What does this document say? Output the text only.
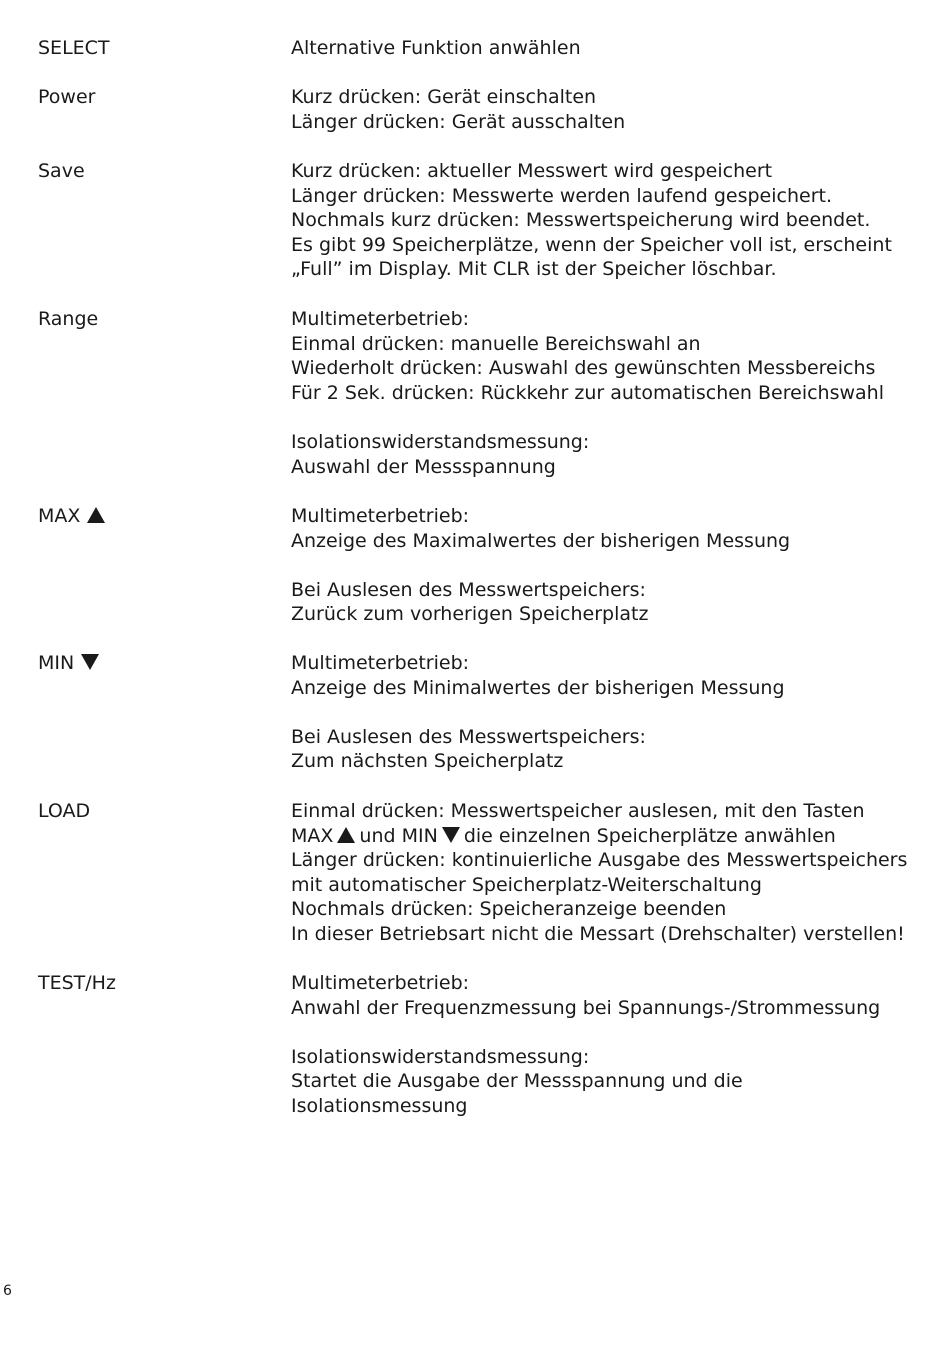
SELECT	Alternative Funktion anwählen
Power	Kurz drücken: Gerät einschalten
Länger drücken: Gerät ausschalten
Save	Kurz drücken: aktueller Messwert wird gespeichert
Länger drücken: Messwerte werden laufend gespeichert.
Nochmals kurz drücken: Messwertspeicherung wird beendet.
Es gibt 99 Speicherplätze, wenn der Speicher voll ist, erscheint
„Full” im Display. Mit CLR ist der Speicher löschbar.
Range	Multimeterbetrieb:
Einmal drücken: manuelle Bereichswahl an
Wiederholt drücken: Auswahl des gewünschten Messbereichs
Für 2 Sek. drücken: Rückkehr zur automatischen Bereichswahl
Isolationswiderstandsmessung:
Auswahl der Messspannung
MAX	Multimeterbetrieb:
Anzeige des Maximalwertes der bisherigen Messung
Bei Auslesen des Messwertspeichers:
Zurück zum vorherigen Speicherplatz
MIN	Multimeterbetrieb:
Anzeige des Minimalwertes der bisherigen Messung
Bei Auslesen des Messwertspeichers:
Zum nächsten Speicherplatz
LOAD	Einmal drücken: Messwertspeicher auslesen, mit den Tasten
MAX und MIN die einzelnen Speicherplätze anwählen
Länger drücken: kontinuierliche Ausgabe des Messwertspeichers
mit automatischer Speicherplatz-Weiterschaltung
Nochmals drücken: Speicheranzeige beenden
In dieser Betriebsart nicht die Messart (Drehschalter) verstellen!
TEST/Hz	Multimeterbetrieb:
Anwahl der Frequenzmessung bei Spannungs-/Strommessung
Isolationswiderstandsmessung:
Startet die Ausgabe der Messspannung und die
Isolationsmessung
6
